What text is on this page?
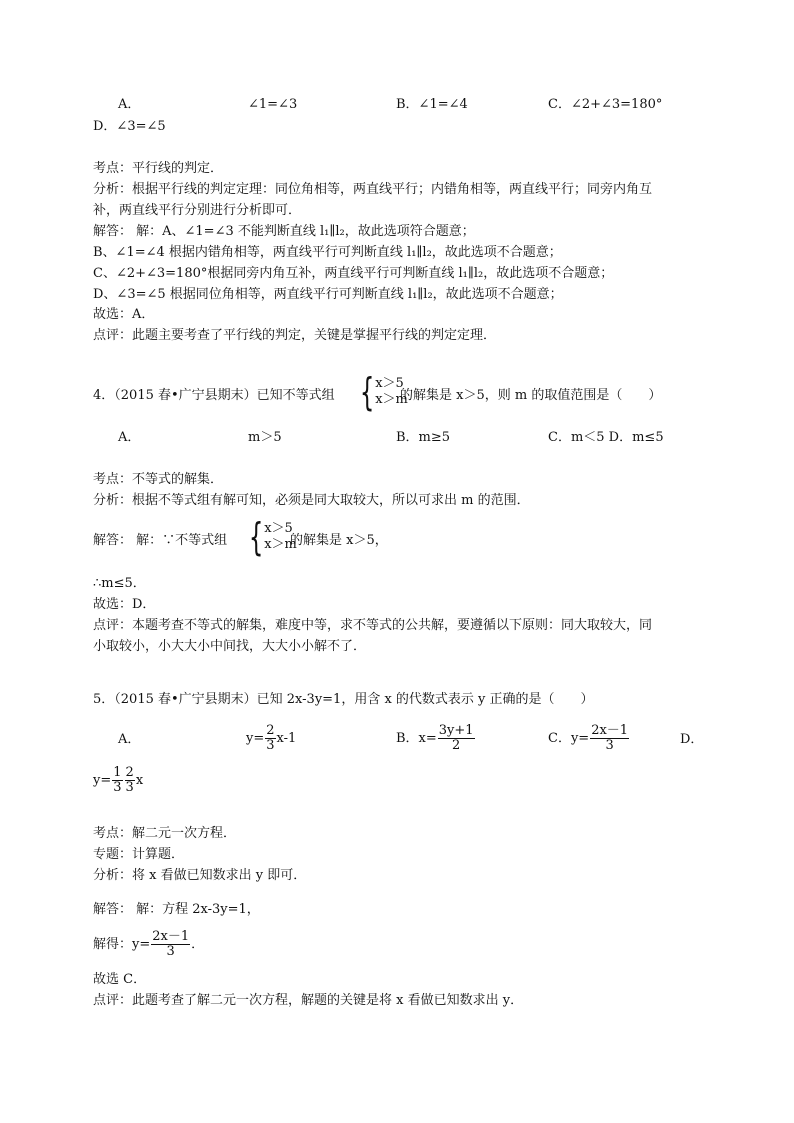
A．	∠1=∠3	B．∠1=∠4	C．∠2+∠3=180°
D．∠3=∠5
考点：平行线的判定．
分析：根据平行线的判定定理：同位角相等，两直线平行；内错角相等，两直线平行；同旁内角互
补，两直线平行分别进行分析即可．
解答： 解：A、∠1=∠3 不能判断直线 l₁∥l₂，故此选项符合题意；
B、∠1=∠4 根据内错角相等，两直线平行可判断直线 l₁∥l₂，故此选项不合题意；
C、∠2+∠3=180°根据同旁内角互补，两直线平行可判断直线 l₁∥l₂，故此选项不合题意；
D、∠3=∠5 根据同位角相等，两直线平行可判断直线 l₁∥l₂，故此选项不合题意；
故选：A．
点评：此题主要考查了平行线的判定，关键是掌握平行线的判定定理．
4．（2015 春•广宁县期末）已知不等式组 { x＞5
x＞m
的解集是 x＞5，则 m 的取值范围是（　　）
A．	m＞5	B．m≥5	C．m＜5 D．m≤5
考点：不等式的解集．
分析：根据不等式组有解可知，必须是同大取较大，所以可求出 m 的范围．
解答： 解：∵不等式组 { x＞5
x＞m
的解集是 x＞5，
∴m≤5．
故选：D．
点评：本题考查不等式的解集，难度中等，求不等式的公共解，要遵循以下原则：同大取较大，同
小取较小，小大大小中间找，大大小小解不了．
5．（2015 春•广宁县期末）已知 2x-3y=1，用含 x 的代数式表示 y 正确的是（　　）
A．	$y= \frac{2}{3} x-1$	B．$x= \frac{3y+1}{2}$	C．$y= \frac{2x-1}{3}$	D．
$y= \frac{1}{3} \frac{2}{3}$ x
考点：解二元一次方程．
专题：计算题．
分析：将 x 看做已知数求出 y 即可．
解答： 解：方程 2x-3y=1，
解得：$y= \frac{2x-1}{3}$ ．
故选 C．
点评：此题考查了解二元一次方程，解题的关键是将 x 看做已知数求出 y．
